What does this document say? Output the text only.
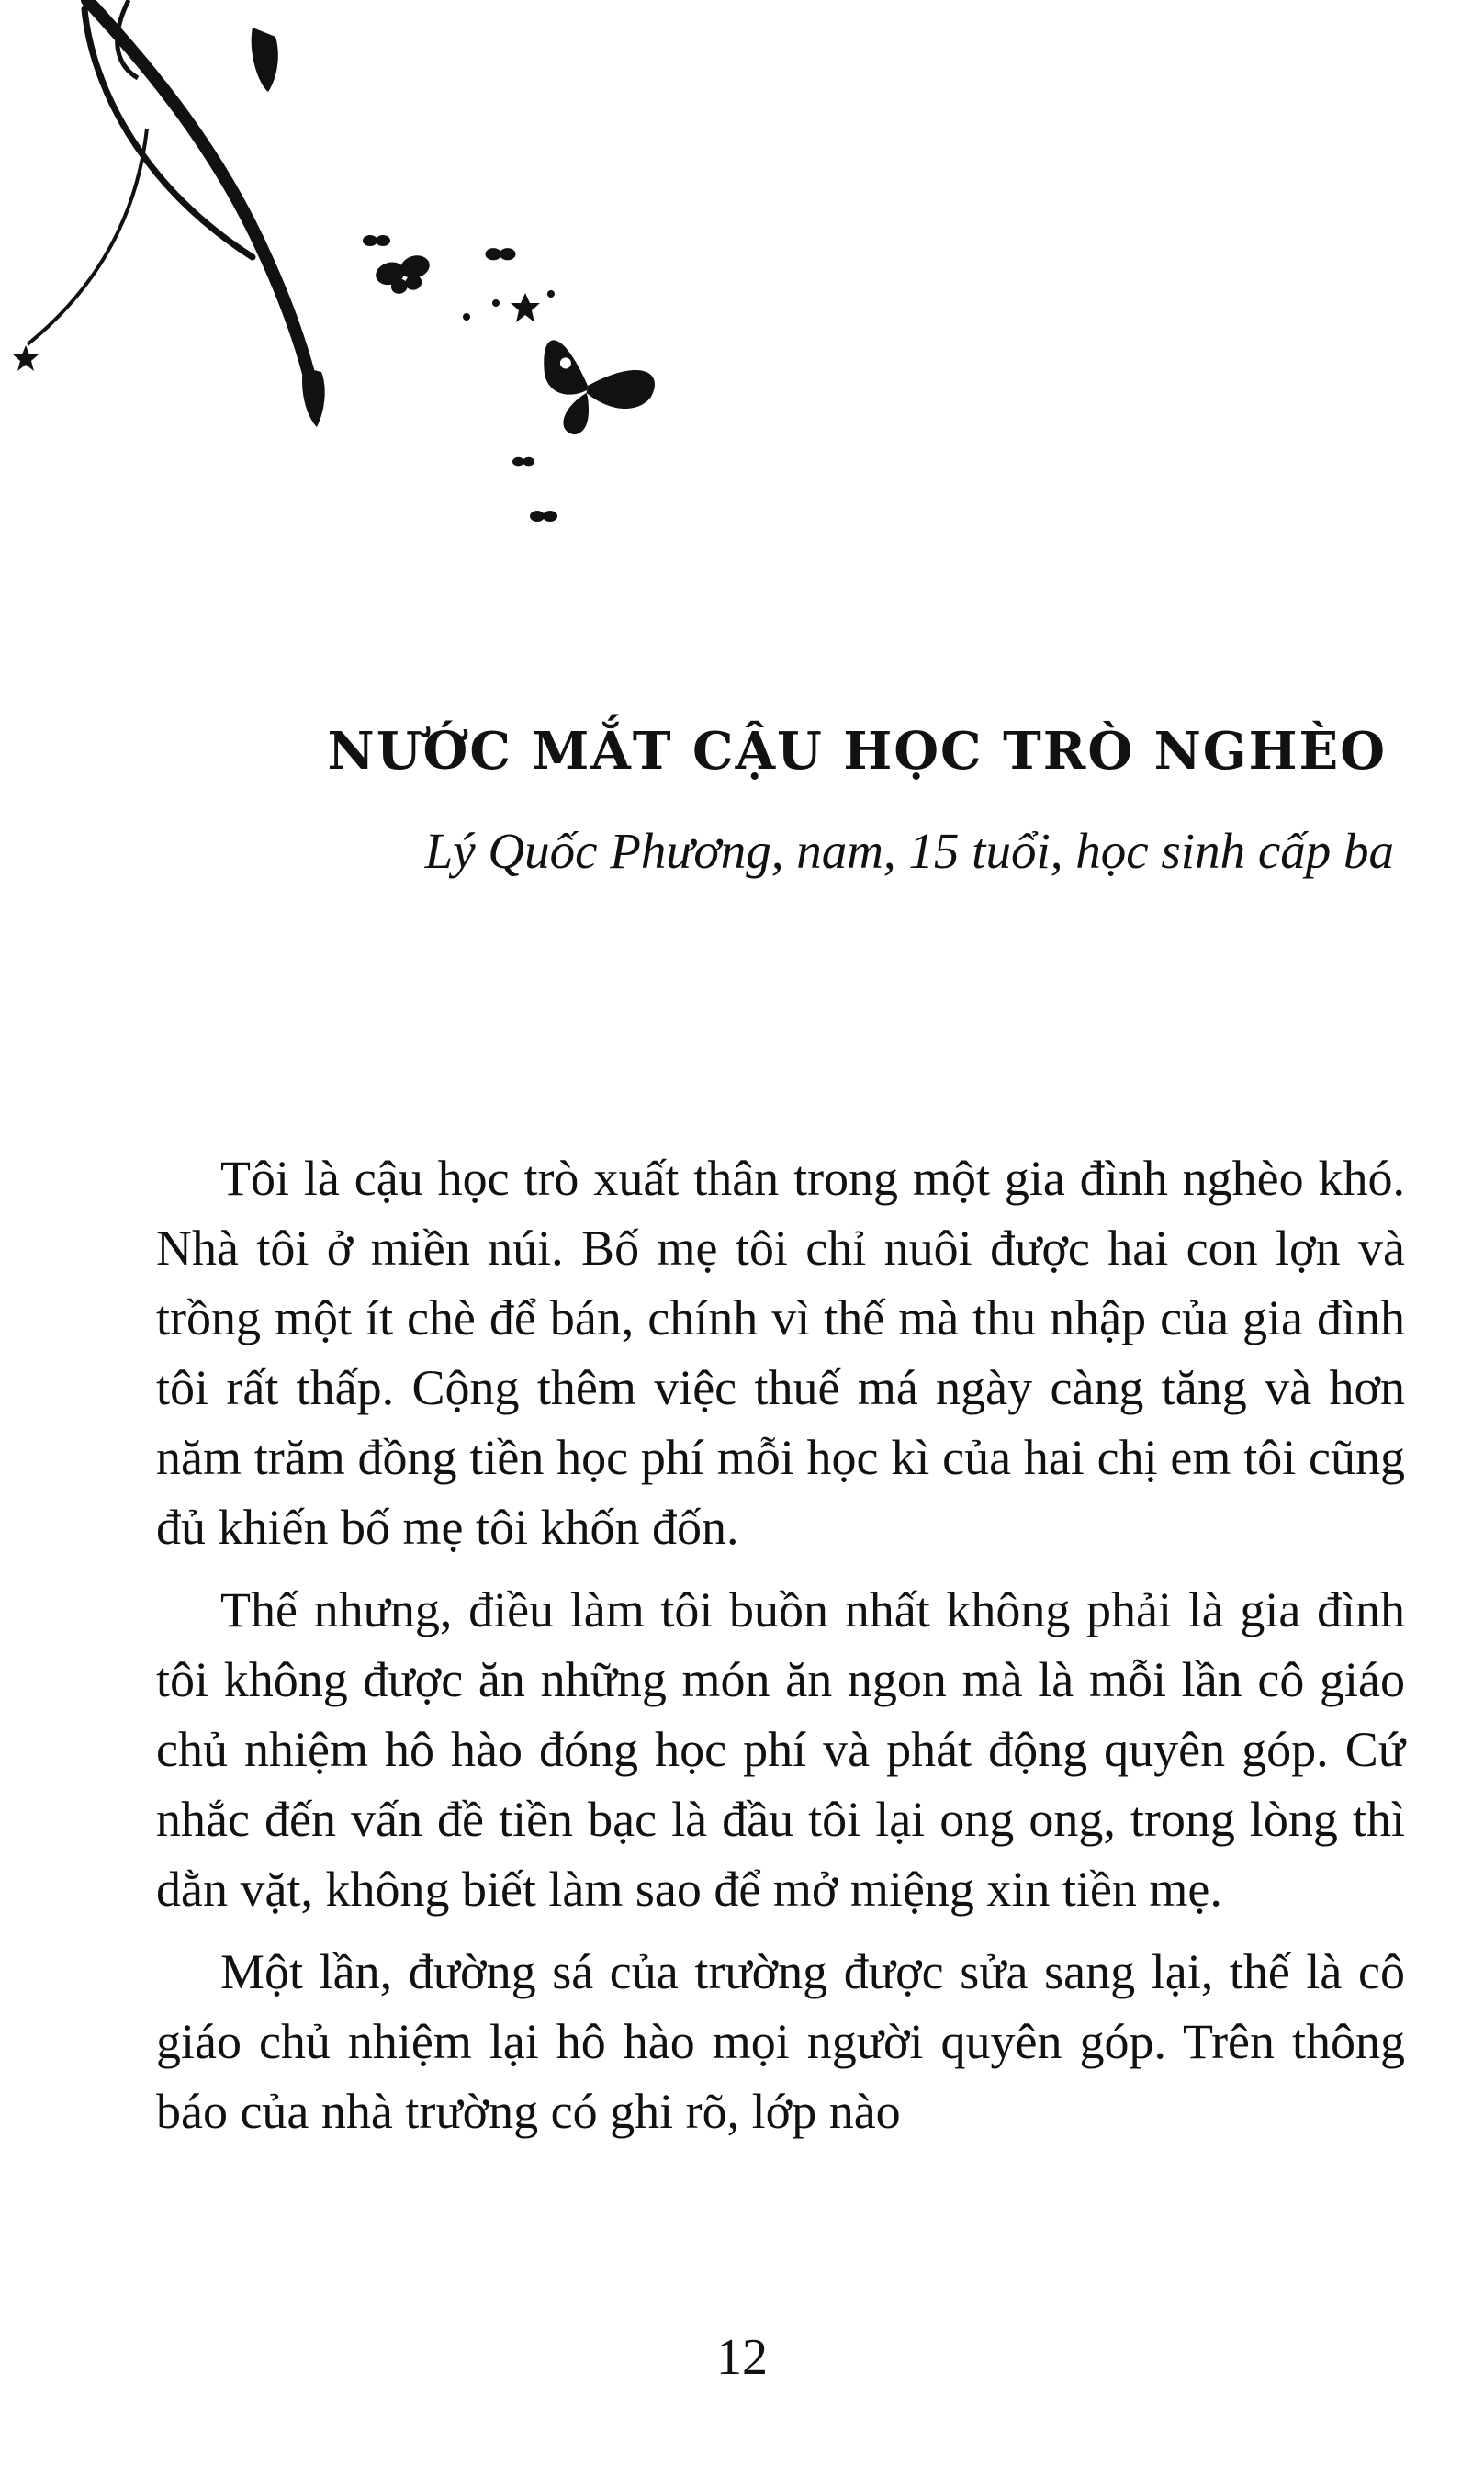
NƯỚC MẮT CẬU HỌC TRÒ NGHÈO

Lý Quốc Phương, nam, 15 tuổi, học sinh cấp ba

Tôi là cậu học trò xuất thân trong một gia đình nghèo khó. Nhà tôi ở miền núi. Bố mẹ tôi chỉ nuôi được hai con lợn và trồng một ít chè để bán, chính vì thế mà thu nhập của gia đình tôi rất thấp. Cộng thêm việc thuế má ngày càng tăng và hơn năm trăm đồng tiền học phí mỗi học kì của hai chị em tôi cũng đủ khiến bố mẹ tôi khốn đốn.

Thế nhưng, điều làm tôi buồn nhất không phải là gia đình tôi không được ăn những món ăn ngon mà là mỗi lần cô giáo chủ nhiệm hô hào đóng học phí và phát động quyên góp. Cứ nhắc đến vấn đề tiền bạc là đầu tôi lại ong ong, trong lòng thì dằn vặt, không biết làm sao để mở miệng xin tiền mẹ.

Một lần, đường sá của trường được sửa sang lại, thế là cô giáo chủ nhiệm lại hô hào mọi người quyên góp. Trên thông báo của nhà trường có ghi rõ, lớp nào

12
